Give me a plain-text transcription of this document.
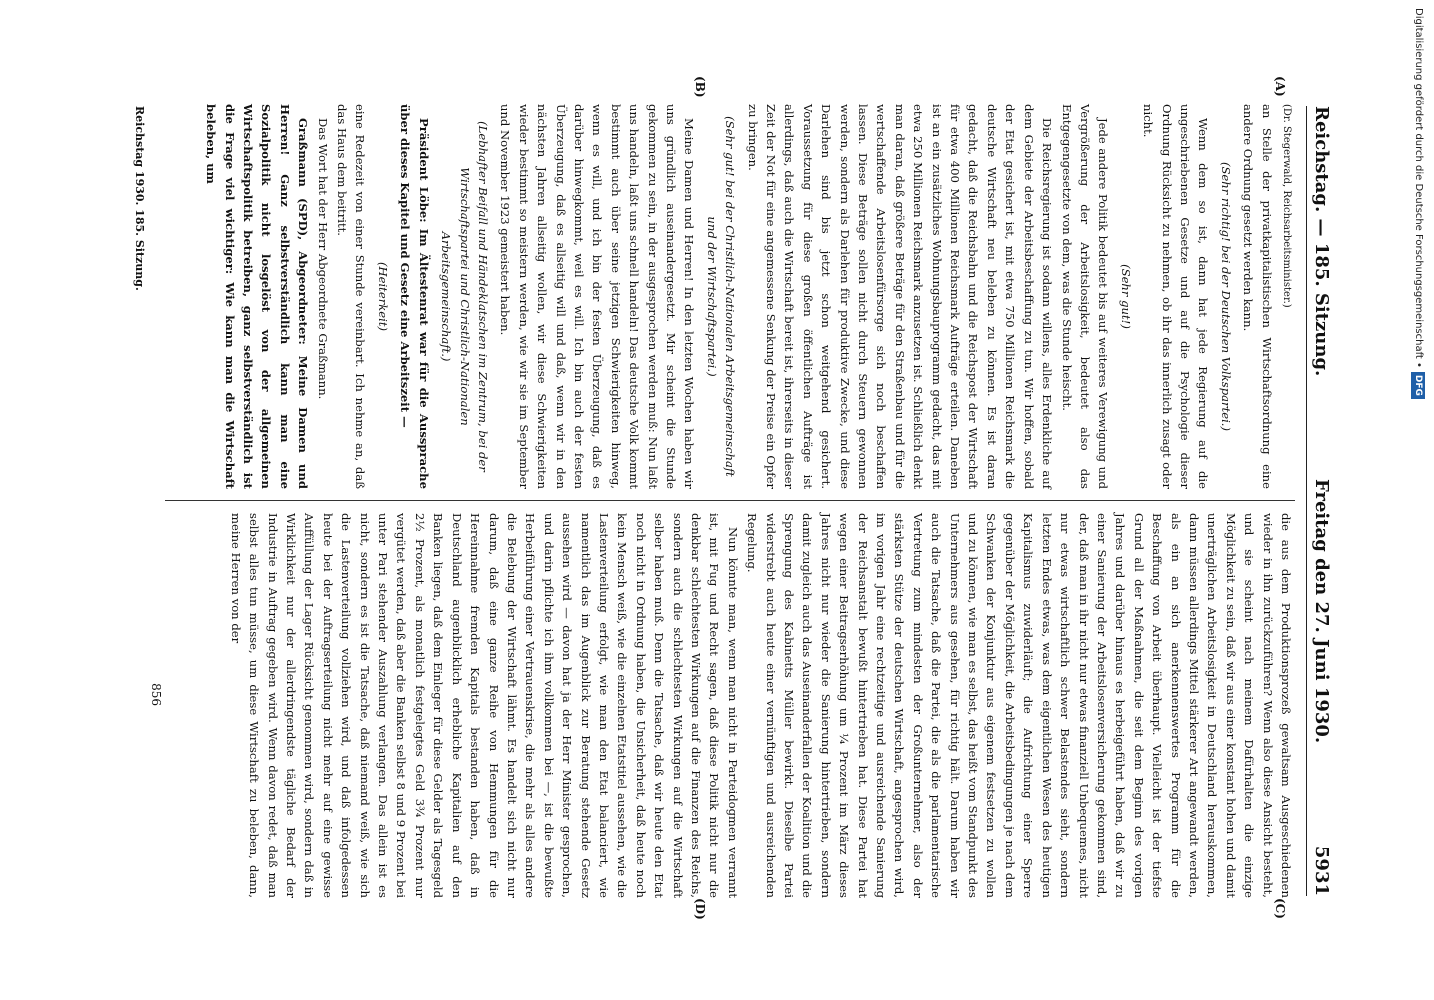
Reichstag. — 185. Sitzung.
Freitag den 27. Juni 1930.
5931
(A)
(B)
(C)
(D)

(Dr. Stegerwald, Reichsarbeitsminister.)

an Stelle der privatkapitalistischen Wirtschaftsordnung eine andere Ordnung gesetzt werden kann.

(Sehr richtig! bei der Deutschen Volkspartei.)

Wenn dem so ist, dann hat jede Regierung auf die ungeschriebenen Gesetze und auf die Psychologie dieser Ordnung Rücksicht zu nehmen, ob ihr das innerlich zusagt oder nicht.

(Sehr gut!)

Jede andere Politik bedeutet bis auf weiteres Verewigung und Vergrößerung der Arbeitslosigkeit, bedeutet also das Entgegengesetzte von dem, was die Stunde heischt.

Die Reichsregierung ist sodann willens, alles Erdenkliche auf dem Gebiete der Arbeitsbeschaffung zu tun. Wir hoffen, sobald der Etat gesichert ist, mit etwa 750 Millionen Reichsmark die deutsche Wirtschaft neu beleben zu können. Es ist daran gedacht, daß die Reichsbahn und die Reichspost der Wirtschaft für etwa 400 Millionen Reichsmark Aufträge erteilen. Daneben ist an ein zusätzliches Wohnungsbauprogramm gedacht, das mit etwa 250 Millionen Reichsmark anzusetzen ist. Schließlich denkt man daran, daß größere Beträge für den Straßenbau und für die wertschaffende Arbeitslosenfürsorge sich noch beschaffen lassen. Diese Beträge sollen nicht durch Steuern gewonnen werden, sondern als Darlehen für produktive Zwecke, und diese Darlehen sind bis jetzt schon weitgehend gesichert. Voraussetzung für diese großen öffentlichen Aufträge ist allerdings, daß auch die Wirtschaft bereit ist, ihrerseits in dieser Zeit der Not für eine angemessene Senkung der Preise ein Opfer zu bringen.

(Sehr gut! bei der Christlich-Nationalen Arbeitsgemeinschaft und der Wirtschaftspartei.)

Meine Damen und Herren! In den letzten Wochen haben wir uns gründlich auseinandergesetzt. Mir scheint die Stunde gekommen zu sein, in der ausgesprochen werden muß: Nun laßt uns handeln, laßt uns schnell handeln! Das deutsche Volk kommt bestimmt auch über seine jetzigen Schwierigkeiten hinweg, wenn es will, und ich bin der festen Überzeugung, daß es darüber hinwegkommt, weil es will. Ich bin auch der festen Überzeugung, daß es allseitig will und daß, wenn wir in den nächsten Jahren allseitig wollen, wir diese Schwierigkeiten wieder bestimmt so meistern werden, wie wir sie im September und November 1923 gemeistert haben.

(Lebhafter Beifall und Händeklatschen im Zentrum, bei der Wirtschaftspartei und Christlich-Nationalen Arbeitsgemeinschaft.)

Präsident Löbe: Im Ältestenrat war für die Aussprache über dieses Kapitel und Gesetz eine Arbeitszeit —

(Heiterkeit)

eine Redezeit von einer Stunde vereinbart. Ich nehme an, daß das Haus dem beitritt.

Das Wort hat der Herr Abgeordnete Graßmann.

Graßmann (SPD), Abgeordneter: Meine Damen und Herren! Ganz selbstverständlich kann man eine Sozialpolitik nicht losgelöst von der allgemeinen Wirtschaftspolitik betreiben, ganz selbstverständlich ist die Frage viel wichtiger: Wie kann man die Wirtschaft beleben, um

die aus dem Produktionsprozeß gewaltsam Ausgeschiedenen wieder in ihn zurückzuführen? Wenn also diese Ansicht besteht, und sie scheint nach meinem Dafürhalten die einzige Möglichkeit zu sein, daß wir aus einer konstant hohen und damit unerträglichen Arbeitslosigkeit in Deutschland herauskommen, dann müssen allerdings Mittel stärkerer Art angewandt werden, als ein an sich anerkennenswertes Programm für die Beschaffung von Arbeit überhaupt. Vielleicht ist der tiefste Grund all der Maßnahmen, die seit dem Beginn des vorigen Jahres und darüber hinaus es herbeigeführt haben, daß wir zu einer Sanierung der Arbeitslosenversicherung gekommen sind, der, daß man in ihr nicht nur etwas finanziell Unbequemes, nicht nur etwas wirtschaftlich schwer Belastendes sieht, sondern letzten Endes etwas, was dem eigentlichen Wesen des heutigen Kapitalismus zuwiderläuft; die Aufrichtung einer Sperre gegenüber der Möglichkeit, die Arbeitsbedingungen je nach dem Schwanken der Konjunktur aus eigenem festsetzen zu wollen und zu können, wie man es selbst, das heißt vom Standpunkt des Unternehmers aus gesehen, für richtig hält. Darum haben wir auch die Tatsache, daß die Partei, die als die parlamentarische Vertretung zum mindesten der Großunternehmer, also der stärksten Stütze der deutschen Wirtschaft, angesprochen wird, im vorigen Jahr eine rechtzeitige und ausreichende Sanierung der Reichsanstalt bewußt hintertrieben hat. Diese Partei hat wegen einer Beitragserhöhung um ¼ Prozent im März dieses Jahres nicht nur wieder die Sanierung hintertrieben, sondern damit zugleich auch das Auseinanderfallen der Koalition und die Sprengung des Kabinetts Müller bewirkt. Dieselbe Partei widerstrebt auch heute einer vernünftigen und ausreichenden Regelung.

Nun könnte man, wenn man nicht in Parteidogmen verrannt ist, mit Fug und Recht sagen, daß diese Politik nicht nur die denkbar schlechtesten Wirkungen auf die Finanzen des Reichs, sondern auch die schlechtesten Wirkungen auf die Wirtschaft selber haben muß. Denn die Tatsache, daß wir heute den Etat noch nicht in Ordnung haben, die Unsicherheit, daß heute noch kein Mensch weiß, wie die einzelnen Etatstitel aussehen, wie die Lastenverteilung erfolgt, wie man den Etat balanciert, wie namentlich das im Augenblick zur Beratung stehende Gesetz aussehen wird — davon hat ja der Herr Minister gesprochen, und darin pflichte ich ihm vollkommen bei —, ist die bewußte Herbeiführung einer Vertrauenskrise, die mehr als alles andere die Belebung der Wirtschaft lähmt. Es handelt sich nicht nur darum, daß eine ganze Reihe von Hemmungen für die Hereinnahme fremden Kapitals bestanden haben, daß in Deutschland augenblicklich erhebliche Kapitalien auf den Banken liegen, daß dem Einleger für diese Gelder als Tagesgeld 2½ Prozent, als monatlich festgelegtes Geld 3¾ Prozent nur vergütet werden, daß aber die Banken selbst 8 und 9 Prozent bei unter Pari stehender Auszahlung verlangen. Das allein ist es nicht, sondern es ist die Tatsache, daß niemand weiß, wie sich die Lastenverteilung vollziehen wird, und daß infolgedessen heute bei der Auftragserteilung nicht mehr auf eine gewisse Auffüllung der Lager Rücksicht genommen wird, sondern daß in Wirklichkeit nur der allerdringendste tägliche Bedarf der Industrie in Auftrag gegeben wird. Wenn davon redet, daß man selbst alles tun müsse, um diese Wirtschaft zu beleben, dann, meine Herren von der

Reichstag 1930. 185. Sitzung.
856
Digitalisierung gefördert durch die Deutsche Forschungsgemeinschaft •
DFG
